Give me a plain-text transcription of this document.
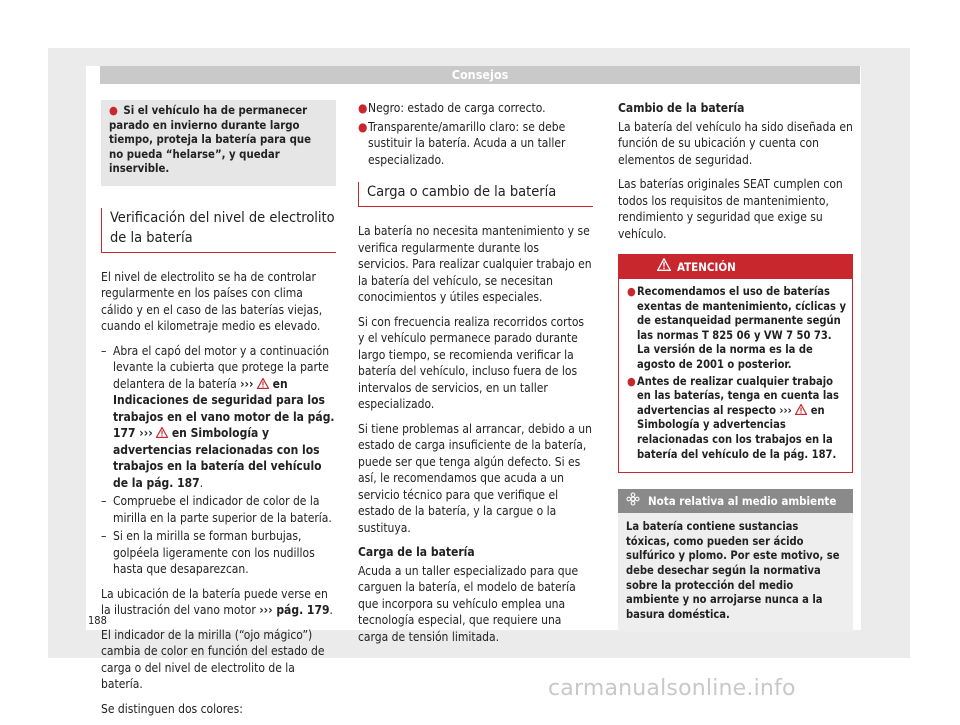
Consejos
● Si el vehículo ha de permanecer parado en invierno durante largo tiempo, proteja la batería para que no pueda “helarse”, y quedar inservible.
Verificación del nivel de electrolito de la batería

El nivel de electrolito se ha de controlar regularmente en los países con clima cálido y en el caso de las baterías viejas, cuando el kilometraje medio es elevado.

– Abra el capó del motor y a continuación levante la cubierta que protege la parte delantera de la batería ›››  en Indicaciones de seguridad para los trabajos en el vano motor de la pág. 177 ›››  en Simbología y advertencias relacionadas con los trabajos en la batería del vehículo de la pág. 187.
– Compruebe el indicador de color de la mirilla en la parte superior de la batería.
– Si en la mirilla se forman burbujas, golpéela ligeramente con los nudillos hasta que desaparezcan.

La ubicación de la batería puede verse en la ilustración del vano motor ››› pág. 179.

El indicador de la mirilla (“ojo mágico”) cambia de color en función del estado de carga o del nivel de electrolito de la batería.

Se distinguen dos colores:

● Negro: estado de carga correcto.
● Transparente/amarillo claro: se debe sustituir la batería. Acuda a un taller especializado.
Carga o cambio de la batería

La batería no necesita mantenimiento y se verifica regularmente durante los servicios. Para realizar cualquier trabajo en la batería del vehículo, se necesitan conocimientos y útiles especiales.

Si con frecuencia realiza recorridos cortos y el vehículo permanece parado durante largo tiempo, se recomienda verificar la batería del vehículo, incluso fuera de los intervalos de servicios, en un taller especializado.

Si tiene problemas al arrancar, debido a un estado de carga insuficiente de la batería, puede ser que tenga algún defecto. Si es así, le recomendamos que acuda a un servicio técnico para que verifique el estado de la batería, y la cargue o la sustituya.

Carga de la batería

Acuda a un taller especializado para que carguen la batería, el modelo de batería que incorpora su vehículo emplea una tecnología especial, que requiere una carga de tensión limitada.

Cambio de la batería

La batería del vehículo ha sido diseñada en función de su ubicación y cuenta con elementos de seguridad.

Las baterías originales SEAT cumplen con todos los requisitos de mantenimiento, rendimiento y seguridad que exige su vehículo.

ATENCIÓN
● Recomendamos el uso de baterías exentas de mantenimiento, cíclicas y de estanqueidad permanente según las normas T 825 06 y VW 7 50 73. La versión de la norma es la de agosto de 2001 o posterior.
● Antes de realizar cualquier trabajo en las baterías, tenga en cuenta las advertencias al respecto ›››  en Simbología y advertencias relacionadas con los trabajos en la batería del vehículo de la pág. 187.
Nota relativa al medio ambiente
La batería contiene sustancias tóxicas, como pueden ser ácido sulfúrico y plomo. Por este motivo, se debe desechar según la normativa sobre la protección del medio ambiente y no arrojarse nunca a la basura doméstica.
188
carmanualsonline.info
